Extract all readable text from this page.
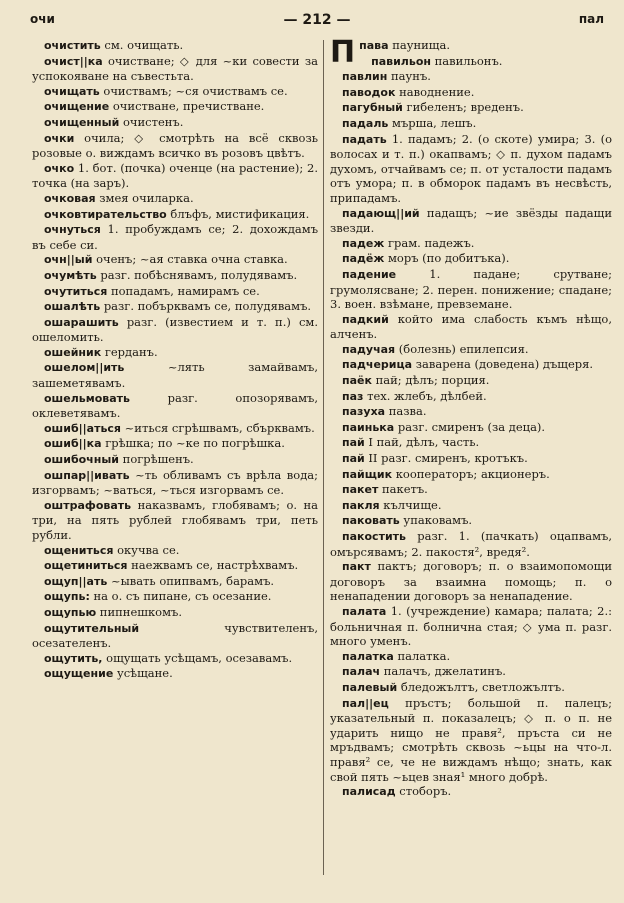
очи	— 212 —	пал

очистить см. очищать.

очист||ка очистване; ◇ для ~ки совести за успокояване на съвестьта.

очищать очиствамъ; ~ся очиствамъ се.

очищение очистване, пречистване.

очищенный очистенъ.

очки очила; ◇ смотрѣть на всё сквозь розовые о. виждамъ всичко въ розовъ цвѣтъ.

очко 1. бот. (почка) оченце (на растение); 2. точка (на заръ).

очковая змея очиларка.

очковтирательство блъфъ, мистификация.

очнуться 1. пробуждамъ се; 2. дохождамъ въ себе си.

очн||ый оченъ; ~ая ставка очна ставка.

очумѣть разг. побѣснявамъ, полудявамъ.

очутиться попадамъ, намирамъ се.

ошалѣть разг. побърквамъ се, полудявамъ.

ошарашить разг. (известием и т. п.) см. ошеломить.

ошейник герданъ.

ошелом||ить	~лять замайвамъ, зашеметявамъ.

ошельмовать	разг. опозорявамъ, оклеветявамъ.

ошиб||аться ~иться сгрѣшвамъ, сбърквамъ.

ошиб||ка грѣшка; по ~ке по погрѣшка.

ошибочный погрѣшенъ.

ошпар||ивать ~ть обливамъ съ врѣла вода; изгорвамъ; ~ваться, ~ться изгорвамъ се.

оштрафовать наказвамъ, глобявамъ; о. на три, на пять рублей глобявамъ три, петь рубли.

ощениться окучва се.

ощетиниться наежвамъ се, настрѣхвамъ.

ощуп||ать ~ывать опипвамъ, барамъ.

ощупь: на о. съ пипане, съ осезание.

ощупью пипнешкомъ.

ощутительный	чувствителенъ, осезателенъ.

ощутить, ощущать усѣщамъ, осезавамъ.

ощущение усѣщане.

Ппава паунища.

павильон павильонъ.

павлин паунъ.

паводок наводнение.

пагубный гибеленъ; вреденъ.

падаль мърша, лешъ.

падать 1. падамъ; 2. (о скоте) умира; 3. (о волосах и т. п.) окапвамъ; ◇ п. духом падамъ духомъ, отчайвамъ се; п. от усталости падамъ отъ умора; п. в обморок падамъ въ несвѣсть, припадамъ.

падающ||ий падащъ; ~ие звёзды падащи звезди.

падеж грам. падежъ.

падёж моръ (по добитъка).

падение	1. падане; срутване; грумолясване; 2. перен. понижение; спадане; 3. воен. взѣмане, превземане.

падкий който има слабость къмъ нѣщо, алченъ.

падучая (болезнь) епилепсия.

падчерица заварена (доведена) дъщеря.

паёк пай; дѣлъ; порция.

паз тех. жлебъ, дѣлбей.

пазуха пазва.

паинька разг. смиренъ (за деца).

пай I пай, дѣлъ, часть.

пай II разг. смиренъ, кротъкъ.

пайщик кооператоръ; акционеръ.

пакет пакетъ.

пакля кълчище.

паковать упаковамъ.

пакостить разг. 1. (пачкать) оцапвамъ, омърсявамъ; 2. пакостя², вредя².

пакт пактъ; договоръ; п. о взаимопомощи договоръ за взаимна помощь; п. о ненападении договоръ за ненападение.

палата 1. (учреждение) камара; палата; 2.: больничная п. болнична стая; ◇ ума п. разг. много уменъ.

палатка палатка.

палач палачъ, джелатинъ.

палевый бледожълтъ, светложълтъ.

пал||ец пръстъ; большой п. палецъ; указательный п. показалецъ; ◇ п. о п. не ударить нищо не правя², пръста си не мръдвамъ; смотрѣть сквозь ~ьцы на что-л. правя² се, че не виждамъ нѣщо; знать, как свой пять ~ьцев зная¹ много добрѣ.

палисад стоборъ.
